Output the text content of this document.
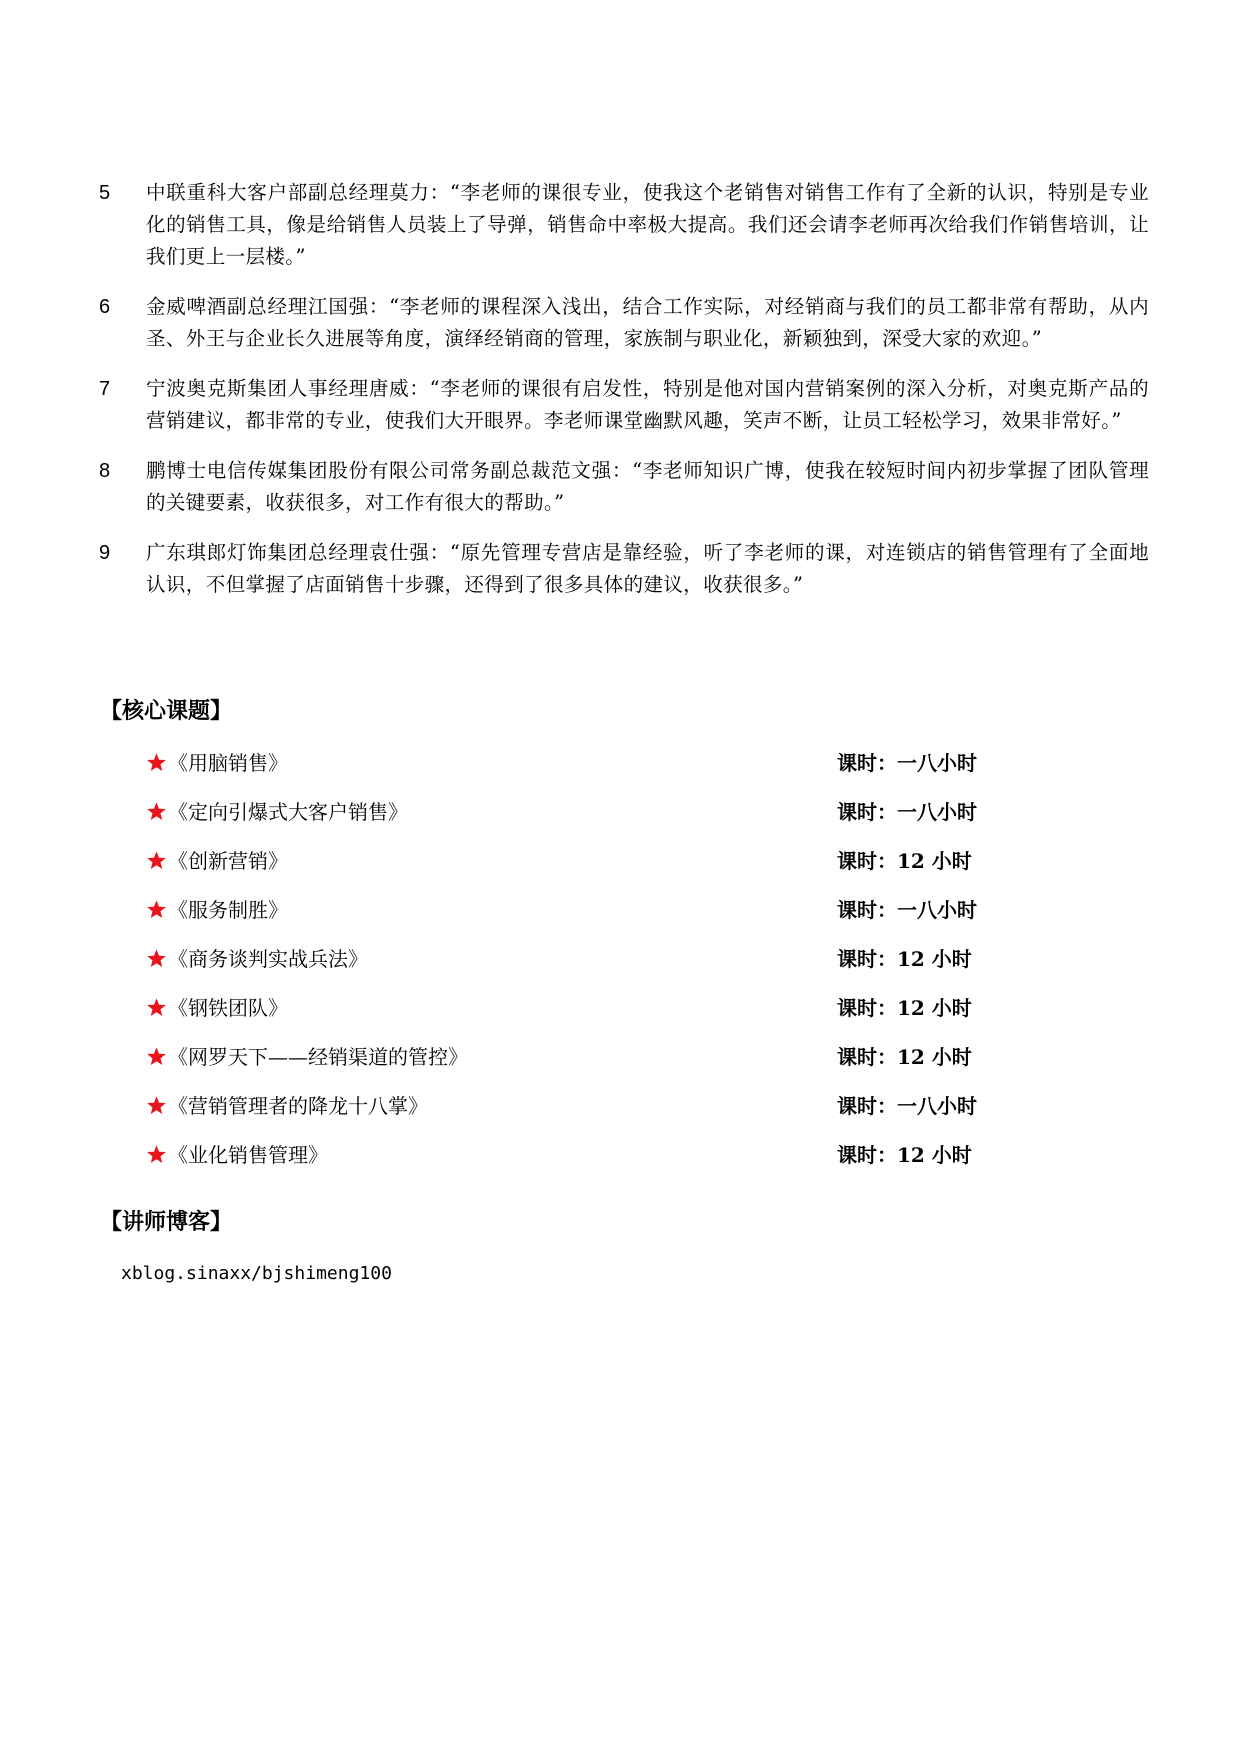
5	中联重科大客户部副总经理莫力：“李老师的课很专业，使我这个老销售对销售工作有了全新的认识，特别是专业化的销售工具，像是给销售人员装上了导弹，销售命中率极大提高。我们还会请李老师再次给我们作销售培训，让我们更上一层楼。”
6	金威啤酒副总经理江国强：“李老师的课程深入浅出，结合工作实际，对经销商与我们的员工都非常有帮助，从内圣、外王与企业长久进展等角度，演绎经销商的管理，家族制与职业化，新颖独到，深受大家的欢迎。”
7	宁波奥克斯集团人事经理唐威：“李老师的课很有启发性，特别是他对国内营销案例的深入分析，对奥克斯产品的营销建议，都非常的专业，使我们大开眼界。李老师课堂幽默风趣，笑声不断，让员工轻松学习，效果非常好。”
8	鹏博士电信传媒集团股份有限公司常务副总裁范文强：“李老师知识广博，使我在较短时间内初步掌握了团队管理的关键要素，收获很多，对工作有很大的帮助。”
9	广东琪郎灯饰集团总经理袁仕强：“原先管理专营店是靠经验，听了李老师的课，对连锁店的销售管理有了全面地认识，不但掌握了店面销售十步骤，还得到了很多具体的建议，收获很多。”
【核心课题】
《用脑销售》	课时：一八小时
《定向引爆式大客户销售》	课时：一八小时
《创新营销》	课时：12 小时
《服务制胜》	课时：一八小时
《商务谈判实战兵法》	课时：12 小时
《钢铁团队》	课时：12 小时
《网罗天下——经销渠道的管控》	课时：12 小时
《营销管理者的降龙十八掌》	课时：一八小时
《业化销售管理》	课时：12 小时
【讲师博客】
xblog.sinaxx/bjshimeng100
